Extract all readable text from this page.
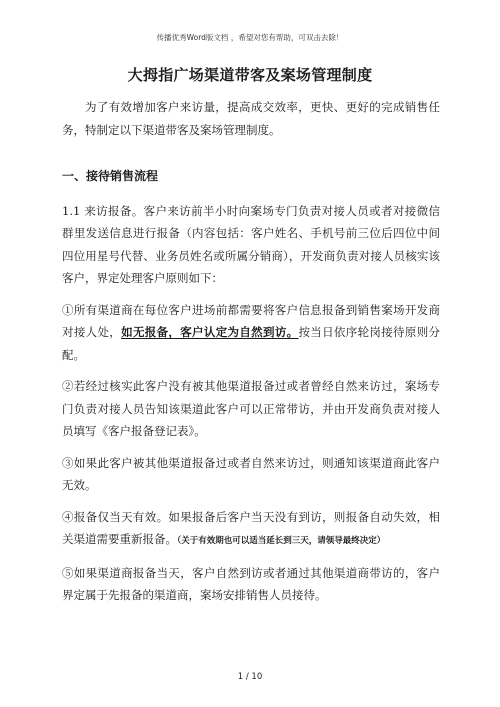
传播优秀Word版文档 ，希望对您有帮助，可双击去除！
大拇指广场渠道带客及案场管理制度

为了有效增加客户来访量，提高成交效率，更快、更好的完成销售任务，特制定以下渠道带客及案场管理制度。

一、接待销售流程

1.1 来访报备。客户来访前半小时向案场专门负责对接人员或者对接微信群里发送信息进行报备（内容包括：客户姓名、手机号前三位后四位中间四位用星号代替、业务员姓名或所属分销商），开发商负责对接人员核实该客户，界定处理客户原则如下：

①所有渠道商在每位客户进场前都需要将客户信息报备到销售案场开发商对接人处，如无报备，客户认定为自然到访。按当日依序轮岗接待原则分配。

②若经过核实此客户没有被其他渠道报备过或者曾经自然来访过，案场专门负责对接人员告知该渠道此客户可以正常带访，并由开发商负责对接人员填写《客户报备登记表》。

③如果此客户被其他渠道报备过或者自然来访过，则通知该渠道商此客户无效。

④报备仅当天有效。如果报备后客户当天没有到访，则报备自动失效，相关渠道需要重新报备。（关于有效期也可以适当延长到三天，请领导最终决定）

⑤如果渠道商报备当天，客户自然到访或者通过其他渠道商带访的，客户界定属于先报备的渠道商，案场安排销售人员接待。

1 / 10
